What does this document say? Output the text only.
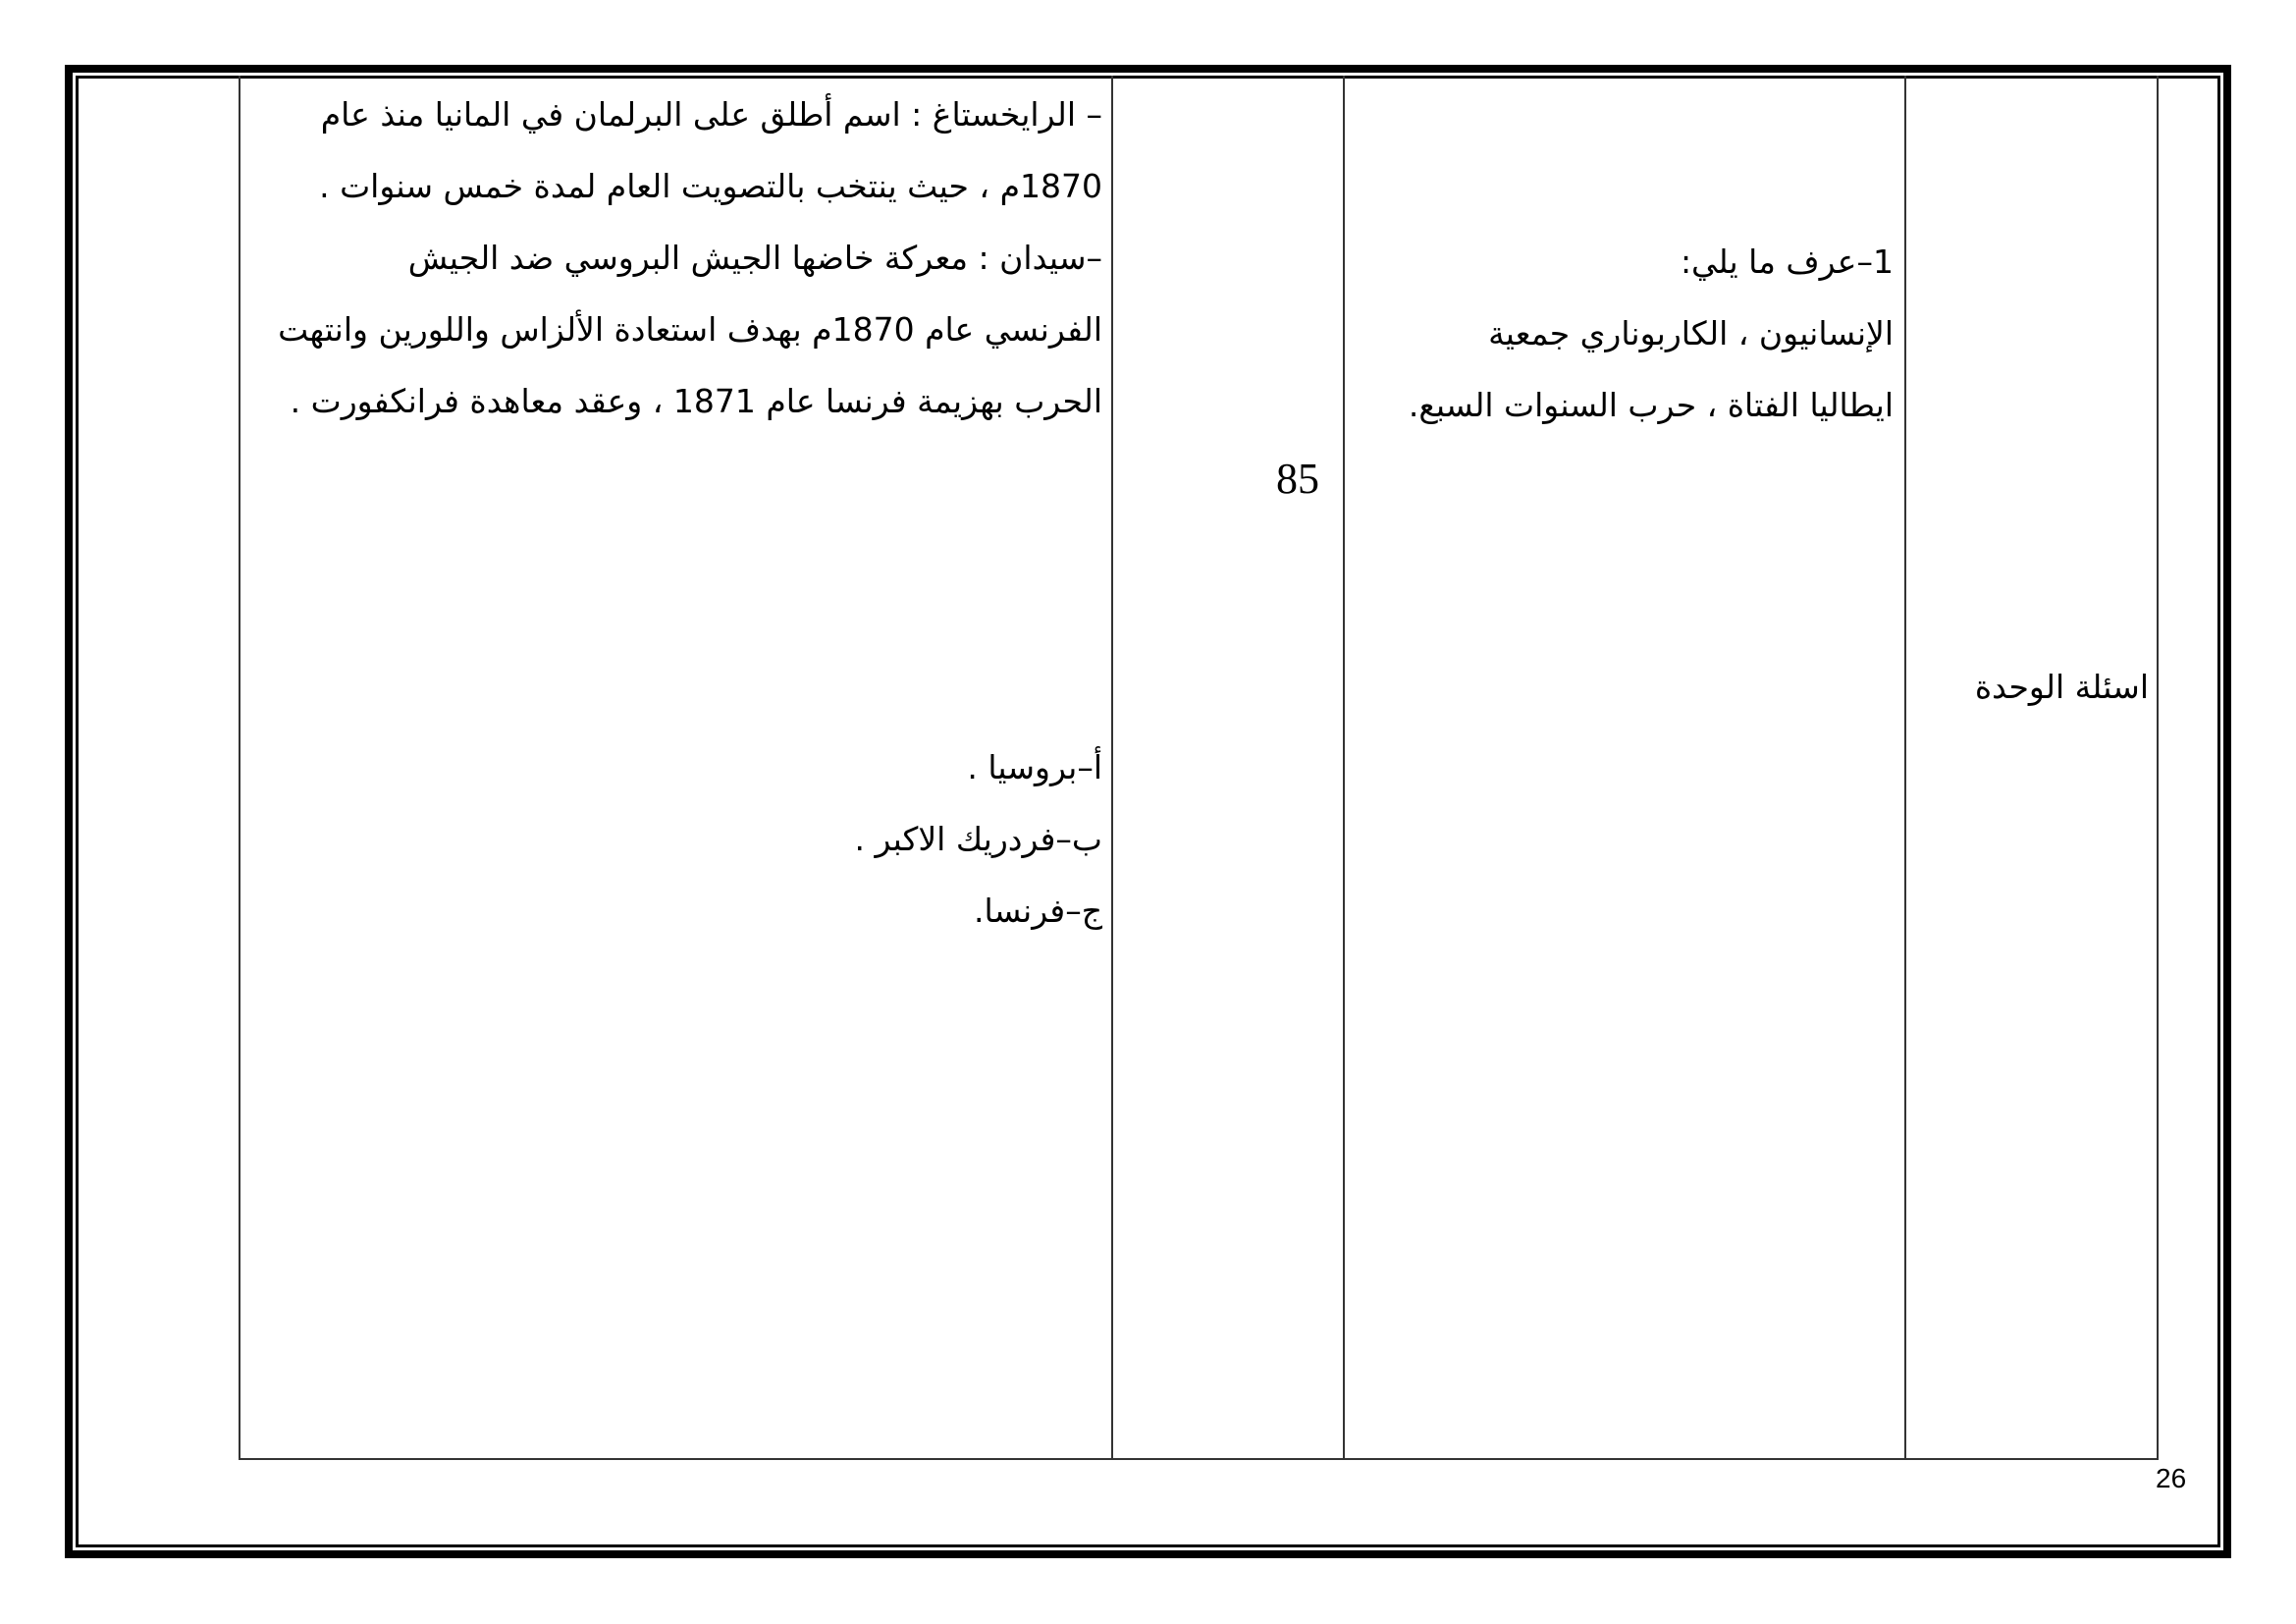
– الرايخستاغ : اسم أطلق على البرلمان في المانيا منذ عام
1870م ، حيث ينتخب بالتصويت العام لمدة خمس سنوات .
–سيدان : معركة خاضها الجيش البروسي ضد الجيش
الفرنسي عام 1870م بهدف استعادة الألزاس واللورين وانتهت
الحرب بهزيمة فرنسا عام 1871 ، وعقد معاهدة فرانكفورت .
أ–بروسيا .
ب–فردريك الاكبر .
ج–فرنسا.
85
1–عرف ما يلي:
الإنسانيون ، الكاربوناري جمعية
ايطاليا الفتاة ، حرب السنوات السبع.
اسئلة الوحدة
26
